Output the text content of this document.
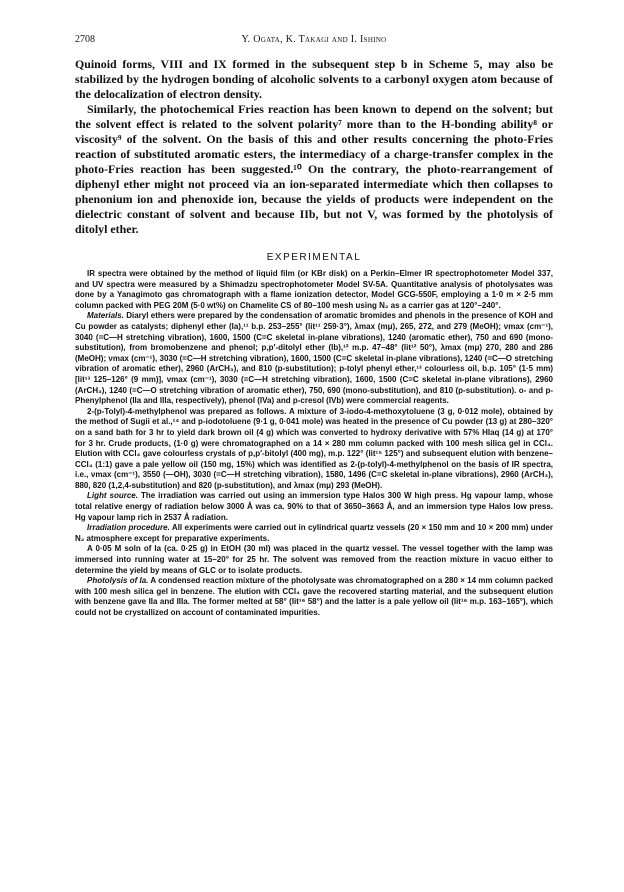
2708	Y. Ogata, K. Takagi and I. Ishino

Quinoid forms, VIII and IX formed in the subsequent step b in Scheme 5, may also be stabilized by the hydrogen bonding of alcoholic solvents to a carbonyl oxygen atom because of the delocalization of electron density.

Similarly, the photochemical Fries reaction has been known to depend on the solvent; but the solvent effect is related to the solvent polarity⁷ more than to the H-bonding ability⁸ or viscosity⁹ of the solvent. On the basis of this and other results concerning the photo-Fries reaction of substituted aromatic esters, the intermediacy of a charge-transfer complex in the photo-Fries reaction has been suggested.¹⁰ On the contrary, the photo-rearrangement of diphenyl ether might not proceed via an ion-separated intermediate which then collapses to phenonium ion and phenoxide ion, because the yields of products were independent on the dielectric constant of solvent and because IIb, but not V, was formed by the photolysis of ditolyl ether.

EXPERIMENTAL

IR spectra were obtained by the method of liquid film (or KBr disk) on a Perkin–Elmer IR spectrophotometer Model 337, and UV spectra were measured by a Shimadzu spectrophotometer Model SV-5A. Quantitative analysis of photolysates was done by a Yanagimoto gas chromatograph with a flame ionization detector, Model GCG-550F, employing a 1·0 m × 2·5 mm column packed with PEG 20M (5·0 wt%) on Chamelite CS of 80–100 mesh using N₂ as a carrier gas at 120°–240°.

Materials. Diaryl ethers were prepared by the condensation of aromatic bromides and phenols in the presence of KOH and Cu powder as catalysts; diphenyl ether (Ia),¹¹ b.p. 253–255° (lit¹¹ 259·3°), λmax (mμ), 265, 272, and 279 (MeOH); νmax (cm⁻¹), 3040 (=C—H stretching vibration), 1600, 1500 (C=C skeletal in-plane vibrations), 1240 (aromatic ether), 750 and 690 (mono-substitution), from bromobenzene and phenol; p,p′-ditolyl ether (Ib),¹² m.p. 47–48° (lit¹² 50°), λmax (mμ) 270, 280 and 286 (MeOH); νmax (cm⁻¹), 3030 (=C—H stretching vibration), 1600, 1500 (C=C skeletal in-plane vibrations), 1240 (=C—O stretching vibration of aromatic ether), 2960 (ArCH₃), and 810 (p-substitution); p-tolyl phenyl ether,¹³ colourless oil, b.p. 105° (1·5 mm) [lit¹³ 125–126° (9 mm)], νmax (cm⁻¹), 3030 (=C—H stretching vibration), 1600, 1500 (C=C skeletal in-plane vibrations), 2960 (ArCH₃), 1240 (=C—O stretching vibration of aromatic ether), 750, 690 (mono-substitution), and 810 (p-substitution). o- and p-Phenylphenol (IIa and IIIa, respectively), phenol (IVa) and p-cresol (IVb) were commercial reagents.

2-(p-Tolyl)-4-methylphenol was prepared as follows. A mixture of 3-iodo-4-methoxytoluene (3 g, 0·012 mole), obtained by the method of Sugii et al.,¹⁴ and p-iodotoluene (9·1 g, 0·041 mole) was heated in the presence of Cu powder (13 g) at 280–320° on a sand bath for 3 hr to yield dark brown oil (4 g) which was converted to hydroxy derivative with 57% HIaq (14 g) at 170° for 3 hr. Crude products, (1·0 g) were chromatographed on a 14 × 280 mm column packed with 100 mesh silica gel in CCl₄. Elution with CCl₄ gave colourless crystals of p,p′-bitolyl (400 mg), m.p. 122° (lit¹⁵ 125°) and subsequent elution with benzene–CCl₄ (1:1) gave a pale yellow oil (150 mg, 15%) which was identified as 2-(p-tolyl)-4-methylphenol on the basis of IR spectra, i.e., νmax (cm⁻¹), 3550 (—OH), 3030 (=C—H stretching vibration), 1580, 1496 (C=C skeletal in-plane vibrations), 2960 (ArCH₃), 880, 820 (1,2,4-substitution) and 820 (p-substitution), and λmax (mμ) 293 (MeOH).

Light source. The irradiation was carried out using an immersion type Halos 300 W high press. Hg vapour lamp, whose total relative energy of radiation below 3000 Å was ca. 90% to that of 3650–3663 Å, and an immersion type Halos low press. Hg vapour lamp rich in 2537 Å radiation.

Irradiation procedure. All experiments were carried out in cylindrical quartz vessels (20 × 150 mm and 10 × 200 mm) under N₂ atmosphere except for preparative experiments.

A 0·05 M soln of Ia (ca. 0·25 g) in EtOH (30 ml) was placed in the quartz vessel. The vessel together with the lamp was immersed into running water at 15–20° for 25 hr. The solvent was removed from the reaction mixture in vacuo either to determine the yield by means of GLC or to isolate products.

Photolysis of Ia. A condensed reaction mixture of the photolysate was chromatographed on a 280 × 14 mm column packed with 100 mesh silica gel in benzene. The elution with CCl₄ gave the recovered starting material, and the subsequent elution with benzene gave IIa and IIIa. The former melted at 58° (lit¹⁶ 58°) and the latter is a pale yellow oil (lit¹⁶ m.p. 163–165°), which could not be crystallized on account of contaminated impurities.
